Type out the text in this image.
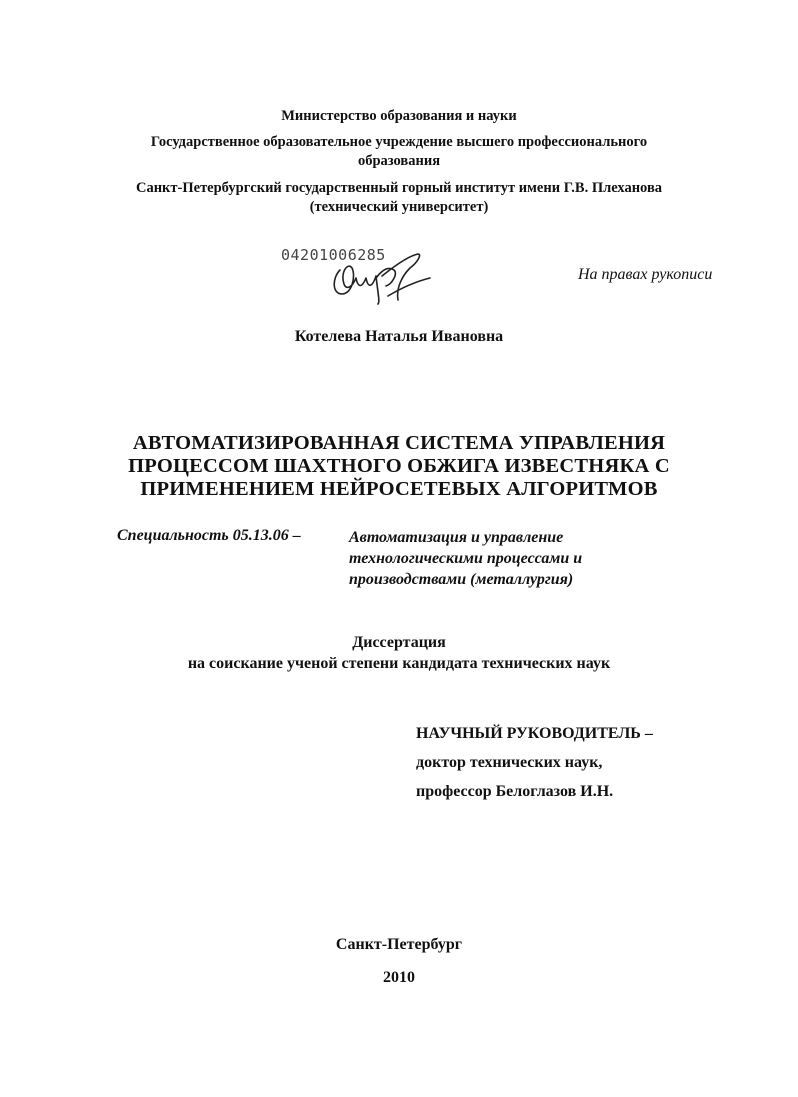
Министерство образования и науки
Государственное образовательное учреждение высшего профессионального
образования
Санкт-Петербургский государственный горный институт имени Г.В. Плеханова
(технический университет)
04201006285
На правах рукописи
Котелева Наталья Ивановна
АВТОМАТИЗИРОВАННАЯ СИСТЕМА УПРАВЛЕНИЯ
ПРОЦЕССОМ ШАХТНОГО ОБЖИГА ИЗВЕСТНЯКА С
ПРИМЕНЕНИЕМ НЕЙРОСЕТЕВЫХ АЛГОРИТМОВ
Специальность 05.13.06 –	Автоматизация и управление
технологическими процессами и
производствами (металлургия)
Диссертация
на соискание ученой степени кандидата технических наук
НАУЧНЫЙ РУКОВОДИТЕЛЬ –
доктор технических наук,
профессор Белоглазов И.Н.
Санкт-Петербург
2010
